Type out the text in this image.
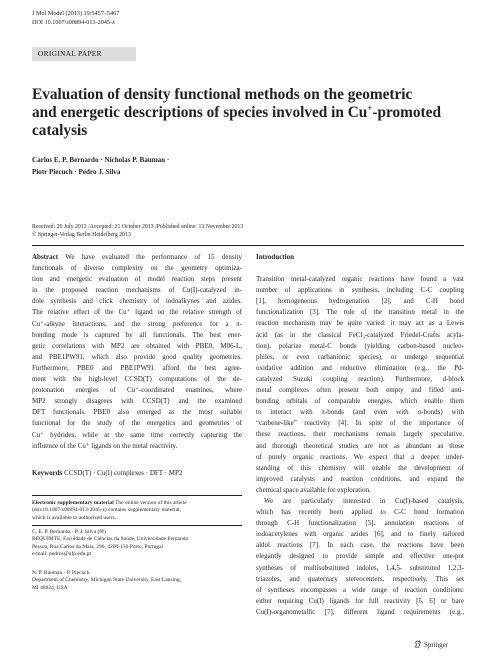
J Mol Model (2013) 19:5457–5467
DOI 10.1007/s00894-013-2045-z
ORIGINAL PAPER
Evaluation of density functional methods on the geometric
and energetic descriptions of species involved in Cu+-promoted
catalysis
Carlos E. P. Bernardo · Nicholas P. Bauman ·
Piotr Piecuch · Pedro J. Silva
Received: 26 July 2013 /Accepted: 21 October 2013 /Published online: 13 November 2013
© Springer-Verlag Berlin Heidelberg 2013
Abstract We have evaluated the performance of 15 density
functionals of diverse complexity on the geometry optimiza-
tion and energetic evaluation of model reaction steps present
in the proposed reaction mechanisms of Cu(I)-catalyzed in-
dole synthesis and click chemistry of iodoalkynes and azides.
The relative effect of the Cu⁺ ligand on the relative strength of
Cu⁺-alkyne interactions, and the strong preference for a π-
bonding mode is captured by all functionals. The best ener-
getic correlations with MP2 are obtained with PBE0, M06-L,
and PBE1PW91, which also provide good quality geometries.
Furthermore, PBE0 and PBE1PW91 afford the best agree-
ment with the high-level CCSD(T) computations of the de-
protonation energies of Cu⁺-coordinated enamines, where
MP2 strongly disagrees with CCSD(T) and the examined
DFT functionals. PBE0 also emerged as the most suitable
functional for the study of the energetics and geometries of
Cu⁺ hydrides, while at the same time correctly capturing the
influence of the Cu⁺ ligands on the metal reactivity.
Keywords CCSD(T) · Cu(I) complexes · DFT · MP2
Electronic supplementary material The online version of this article
(doi:10.1007/s00894-013-2045-z) contains supplementary material,
which is available to authorized users.
C. E. P. Bernardo · P. J. Silva (✉)
REQUIMTE, Faculdade de Ciências da Saúde, Universidade Fernando
Pessoa, Rua Carlos da Maia, 296, 4200-150 Porto, Portugal
e-mail: pedros@ufp.edu.pt
N. P. Bauman · P. Piecuch
Department of Chemistry, Michigan State University, East Lansing,
MI 48824, USA
Introduction
Transition metal-catalyzed organic reactions have found a vast
number of applications in synthesis, including C-C coupling
[1], homogeneous hydrogenation [2], and C-H bond
functionalization [3]. The role of the transition metal in the
reaction mechanism may be quite varied: it may act as a Lewis
acid (as in the classical FeCl₃-catalyzed Friedel-Crafts acyla-
tion), polarize metal-C bonds (yielding carbon-based nucleo-
philes, or even carbanionic species), or undergo sequential
oxidative addition and reductive elimination (e.g., the Pd-
catalyzed Suzuki coupling reaction). Furthermore, d-block
metal complexes often present both empty and filled anti-
bonding orbitals of comparable energies, which enable them
to interact with π-bonds (and even with σ-bonds) with
“carbene-like” reactivity [4]. In spite of the importance of
these reactions, their mechanisms remain largely speculative,
and thorough theoretical studies are not as abundant as those
of purely organic reactions. We expect that a deeper under-
standing of this chemistry will enable the development of
improved catalysts and reaction conditions, and expand the
chemical space available for exploration.
We are particularly interested in Cu(I)-based catalysis,
which has recently been applied to C-C bond formation
through C-H functionalization [5], annulation reactions of
iodoacetylenes with organic azides [6], and to finely tailored
aldol reactions [7]. In each case, the reactions have been
elegantly designed to provide simple and effective one-pot
syntheses of multisubstituted indoles, 1,4,5- substituted 1,2,3-
triazoles, and quaternary stereocenters, respectively. This set
of syntheses encompasses a wide range of reaction conditions:
either requiring Cu(I) ligands for full reactivity [5, 6] or bare
Cu(I)-organometallic [7], different ligand requirements (e.g.,
Springer
